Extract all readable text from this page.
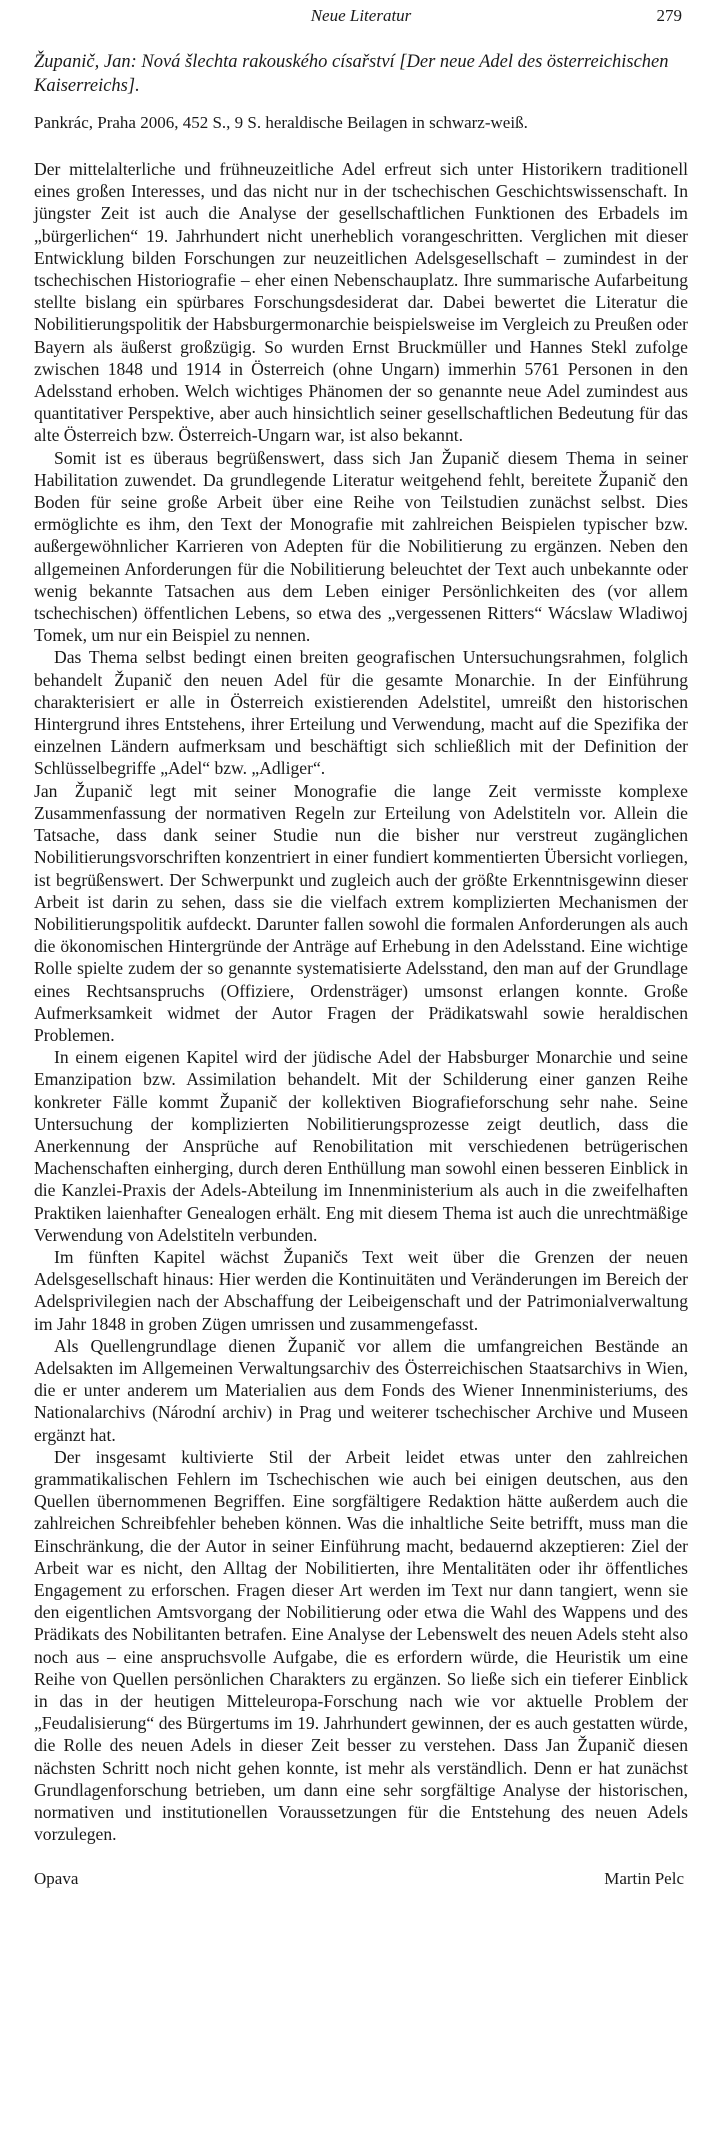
Neue Literatur	279
Županič, Jan: Nová šlechta rakouského císařství [Der neue Adel des österreichischen Kaiserreichs].
Pankrác, Praha 2006, 452 S., 9 S. heraldische Beilagen in schwarz-weiß.

Der mittelalterliche und frühneuzeitliche Adel erfreut sich unter Historikern traditionell eines großen Interesses, und das nicht nur in der tschechischen Geschichtswissenschaft. In jüngster Zeit ist auch die Analyse der gesellschaftlichen Funktionen des Erbadels im „bürgerlichen“ 19. Jahrhundert nicht unerheblich vorangeschritten. Verglichen mit dieser Entwicklung bilden Forschungen zur neuzeitlichen Adelsgesellschaft – zumindest in der tschechischen Historiografie – eher einen Nebenschauplatz. Ihre summarische Aufarbeitung stellte bislang ein spürbares Forschungsdesiderat dar. Dabei bewertet die Literatur die Nobilitierungspolitik der Habsburgermonarchie beispielsweise im Vergleich zu Preußen oder Bayern als äußerst großzügig. So wurden Ernst Bruckmüller und Hannes Stekl zufolge zwischen 1848 und 1914 in Österreich (ohne Ungarn) immerhin 5761 Personen in den Adelsstand erhoben. Welch wichtiges Phänomen der so genannte neue Adel zumindest aus quantitativer Perspektive, aber auch hinsichtlich seiner gesellschaftlichen Bedeutung für das alte Österreich bzw. Österreich-Ungarn war, ist also bekannt.

Somit ist es überaus begrüßenswert, dass sich Jan Županič diesem Thema in seiner Habilitation zuwendet. Da grundlegende Literatur weitgehend fehlt, bereitete Županič den Boden für seine große Arbeit über eine Reihe von Teilstudien zunächst selbst. Dies ermöglichte es ihm, den Text der Monografie mit zahlreichen Beispielen typischer bzw. außergewöhnlicher Karrieren von Adepten für die Nobilitierung zu ergänzen. Neben den allgemeinen Anforderungen für die Nobilitierung beleuchtet der Text auch unbekannte oder wenig bekannte Tatsachen aus dem Leben einiger Persönlichkeiten des (vor allem tschechischen) öffentlichen Lebens, so etwa des „vergessenen Ritters“ Wácslaw Wladiwoj Tomek, um nur ein Beispiel zu nennen.

Das Thema selbst bedingt einen breiten geografischen Untersuchungsrahmen, folglich behandelt Županič den neuen Adel für die gesamte Monarchie. In der Einführung charakterisiert er alle in Österreich existierenden Adelstitel, umreißt den historischen Hintergrund ihres Entstehens, ihrer Erteilung und Verwendung, macht auf die Spezifika der einzelnen Ländern aufmerksam und beschäftigt sich schließlich mit der Definition der Schlüsselbegriffe „Adel“ bzw. „Adliger“.

Jan Županič legt mit seiner Monografie die lange Zeit vermisste komplexe Zusammenfassung der normativen Regeln zur Erteilung von Adelstiteln vor. Allein die Tatsache, dass dank seiner Studie nun die bisher nur verstreut zugänglichen Nobilitierungsvorschriften konzentriert in einer fundiert kommentierten Übersicht vorliegen, ist begrüßenswert. Der Schwerpunkt und zugleich auch der größte Erkenntnisgewinn dieser Arbeit ist darin zu sehen, dass sie die vielfach extrem komplizierten Mechanismen der Nobilitierungspolitik aufdeckt. Darunter fallen sowohl die formalen Anforderungen als auch die ökonomischen Hintergründe der Anträge auf Erhebung in den Adelsstand. Eine wichtige Rolle spielte zudem der so genannte systematisierte Adelsstand, den man auf der Grundlage eines Rechtsanspruchs (Offiziere, Ordensträger) umsonst erlangen konnte. Große Aufmerksamkeit widmet der Autor Fragen der Prädikatswahl sowie heraldischen Problemen.

In einem eigenen Kapitel wird der jüdische Adel der Habsburger Monarchie und seine Emanzipation bzw. Assimilation behandelt. Mit der Schilderung einer ganzen Reihe konkreter Fälle kommt Županič der kollektiven Biografieforschung sehr nahe. Seine Untersuchung der komplizierten Nobilitierungsprozesse zeigt deutlich, dass die Anerkennung der Ansprüche auf Renobilitation mit verschiedenen betrügerischen Machenschaften einherging, durch deren Enthüllung man sowohl einen besseren Einblick in die Kanzlei-Praxis der Adels-Abteilung im Innenministerium als auch in die zweifelhaften Praktiken laienhafter Genealogen erhält. Eng mit diesem Thema ist auch die unrechtmäßige Verwendung von Adelstiteln verbunden.

Im fünften Kapitel wächst Županičs Text weit über die Grenzen der neuen Adelsgesellschaft hinaus: Hier werden die Kontinuitäten und Veränderungen im Bereich der Adelsprivilegien nach der Abschaffung der Leibeigenschaft und der Patrimonialverwaltung im Jahr 1848 in groben Zügen umrissen und zusammengefasst.

Als Quellengrundlage dienen Županič vor allem die umfangreichen Bestände an Adelsakten im Allgemeinen Verwaltungsarchiv des Österreichischen Staatsarchivs in Wien, die er unter anderem um Materialien aus dem Fonds des Wiener Innenministeriums, des Nationalarchivs (Národní archiv) in Prag und weiterer tschechischer Archive und Museen ergänzt hat.

Der insgesamt kultivierte Stil der Arbeit leidet etwas unter den zahlreichen grammatikalischen Fehlern im Tschechischen wie auch bei einigen deutschen, aus den Quellen übernommenen Begriffen. Eine sorgfältigere Redaktion hätte außerdem auch die zahlreichen Schreibfehler beheben können. Was die inhaltliche Seite betrifft, muss man die Einschränkung, die der Autor in seiner Einführung macht, bedauernd akzeptieren: Ziel der Arbeit war es nicht, den Alltag der Nobilitierten, ihre Mentalitäten oder ihr öffentliches Engagement zu erforschen. Fragen dieser Art werden im Text nur dann tangiert, wenn sie den eigentlichen Amtsvorgang der Nobilitierung oder etwa die Wahl des Wappens und des Prädikats des Nobilitanten betrafen. Eine Analyse der Lebenswelt des neuen Adels steht also noch aus – eine anspruchsvolle Aufgabe, die es erfordern würde, die Heuristik um eine Reihe von Quellen persönlichen Charakters zu ergänzen. So ließe sich ein tieferer Einblick in das in der heutigen Mitteleuropa-Forschung nach wie vor aktuelle Problem der „Feudalisierung“ des Bürgertums im 19. Jahrhundert gewinnen, der es auch gestatten würde, die Rolle des neuen Adels in dieser Zeit besser zu verstehen. Dass Jan Županič diesen nächsten Schritt noch nicht gehen konnte, ist mehr als verständlich. Denn er hat zunächst Grundlagenforschung betrieben, um dann eine sehr sorgfältige Analyse der historischen, normativen und institutionellen Voraussetzungen für die Entstehung des neuen Adels vorzulegen.

Opava	Martin Pelc
